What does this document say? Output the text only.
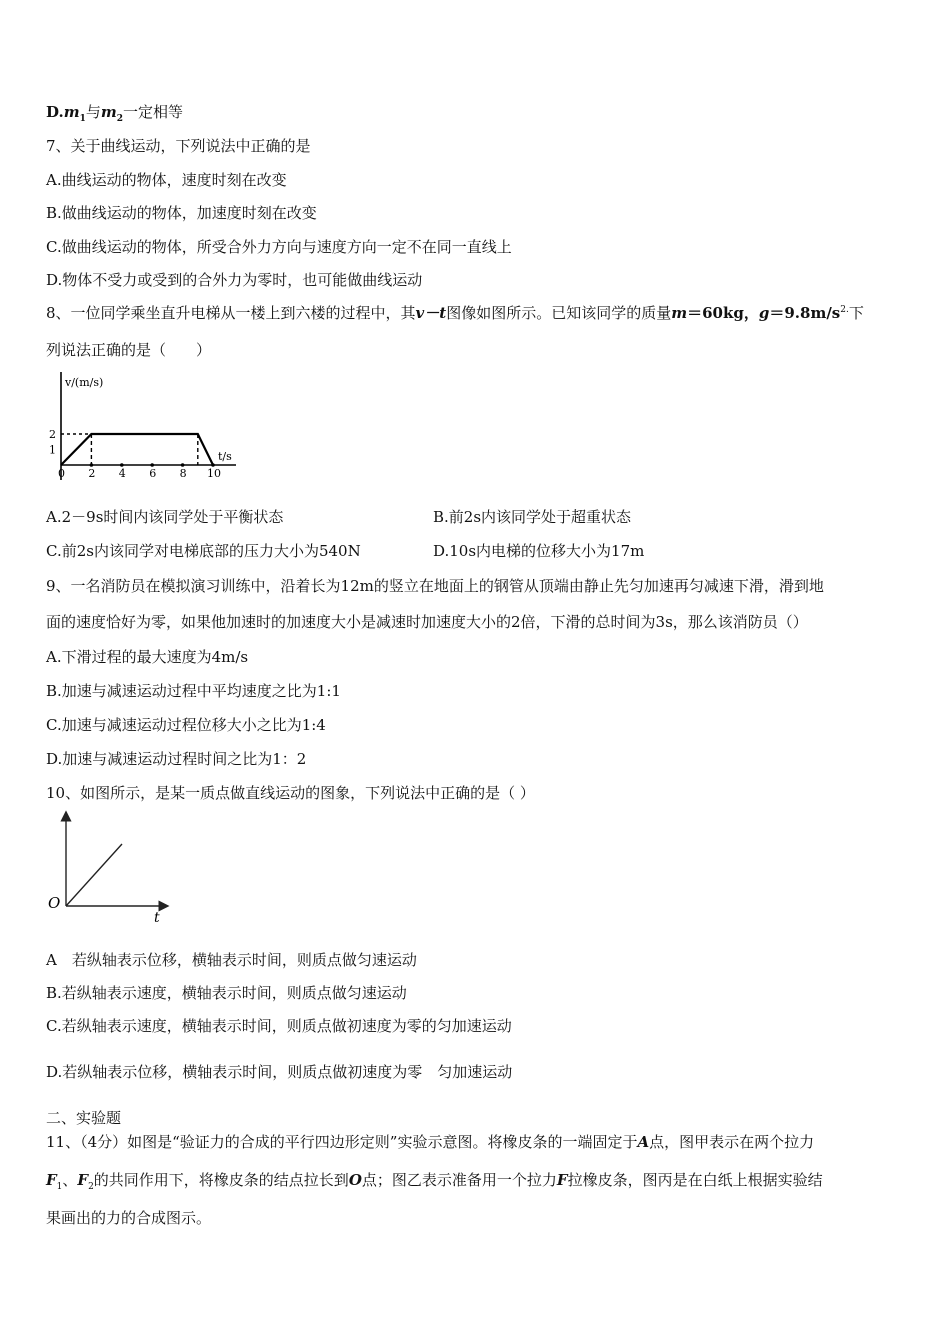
$D.m_1$与$m_2$一定相等
7、关于曲线运动，下列说法中正确的是
A.曲线运动的物体，速度时刻在改变
B.做曲线运动的物体，加速度时刻在改变
C.做曲线运动的物体，所受合外力方向与速度方向一定不在同一直线上
D.物体不受力或受到的合外力为零时，也可能做曲线运动
8、一位同学乘坐直升电梯从一楼上到六楼的过程中，其v－t图像如图所示。已知该同学的质量m＝60kg，$g=9.8m/s^{2.}$下
列说法正确的是（　　）
0 2 4 6 8 10
1
2
v/(m/s)
t/s
A.2－9s时间内该同学处于平衡状态	B.前2s内该同学处于超重状态
C.前2s内该同学对电梯底部的压力大小为540N	D.10s内电梯的位移大小为17m
9、一名消防员在模拟演习训练中，沿着长为12m的竖立在地面上的钢管从顶端由静止先匀加速再匀减速下滑，滑到地
面的速度恰好为零，如果他加速时的加速度大小是减速时加速度大小的2倍，下滑的总时间为3s，那么该消防员（）
A.下滑过程的最大速度为4m/s
B.加速与减速运动过程中平均速度之比为1:1
C.加速与减速运动过程位移大小之比为1:4
D.加速与减速运动过程时间之比为1：2
10、如图所示，是某一质点做直线运动的图象，下列说法中正确的是（ ）
O
t
A　若纵轴表示位移，横轴表示时间，则质点做匀速运动
B.若纵轴表示速度，横轴表示时间，则质点做匀速运动
C.若纵轴表示速度，横轴表示时间，则质点做初速度为零的匀加速运动
D.若纵轴表示位移，横轴表示时间，则质点做初速度为零　匀加速运动
二、实验题
11、（4分）如图是“验证力的合成的平行四边形定则”实验示意图。将橡皮条的一端固定于A点，图甲表示在两个拉力
$F_1$、$F_2$的共同作用下，将橡皮条的结点拉长到O点；图乙表示准备用一个拉力F拉橡皮条，图丙是在白纸上根据实验结
果画出的力的合成图示。
